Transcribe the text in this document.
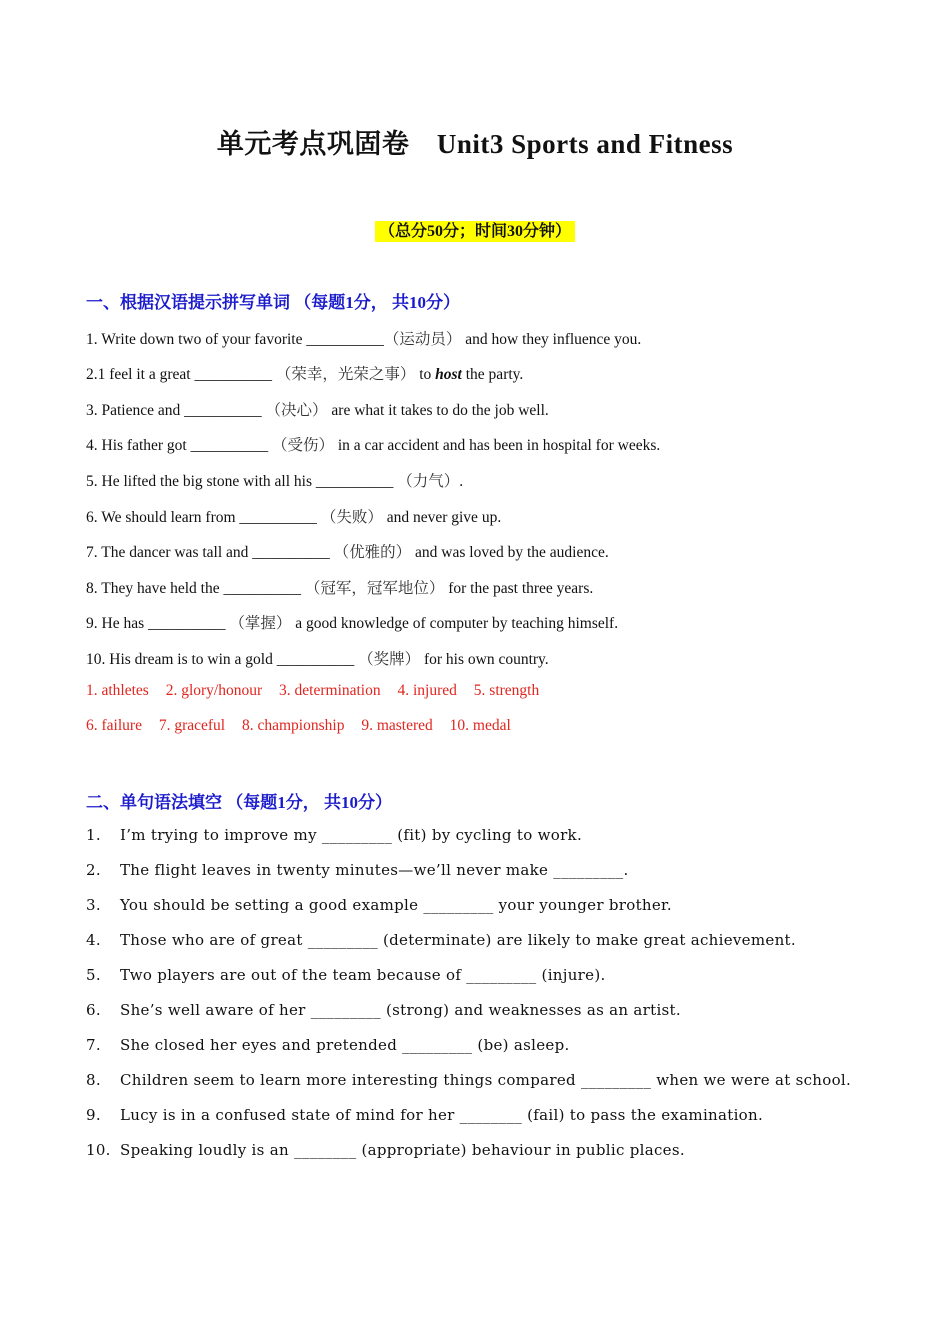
单元考点巩固卷　Unit3 Sports and Fitness
（总分50分；时间30分钟）
一、根据汉语提示拼写单词 （每题1分， 共10分）
1. Write down two of your favorite __________（运动员） and how they influence you.
2.1 feel it a great __________ （荣幸，光荣之事） to host the party.
3. Patience and __________ （决心） are what it takes to do the job well.
4. His father got __________ （受伤） in a car accident and has been in hospital for weeks.
5. He lifted the big stone with all his __________ （力气）.
6. We should learn from __________ （失败） and never give up.
7. The dancer was tall and __________ （优雅的） and was loved by the audience.
8. They have held the __________ （冠军，冠军地位） for the past three years.
9. He has __________ （掌握） a good knowledge of computer by teaching himself.
10. His dream is to win a gold __________ （奖牌） for his own country.
1. athletes 2. glory/honour 3. determination 4. injured 5. strength
6. failure 7. graceful 8. championship 9. mastered 10. medal
二、单句语法填空 （每题1分， 共10分）
1. I’m trying to improve my _________ (fit) by cycling to work.
2. The flight leaves in twenty minutes—we’ll never make _________.
3. You should be setting a good example _________ your younger brother.
4. Those who are of great _________ (determinate) are likely to make great achievement.
5. Two players are out of the team because of _________ (injure).
6. She’s well aware of her _________ (strong) and weaknesses as an artist.
7. She closed her eyes and pretended _________ (be) asleep.
8. Children seem to learn more interesting things compared _________ when we were at school.
9. Lucy is in a confused state of mind for her ________ (fail) to pass the examination.
10. Speaking loudly is an ________ (appropriate) behaviour in public places.
